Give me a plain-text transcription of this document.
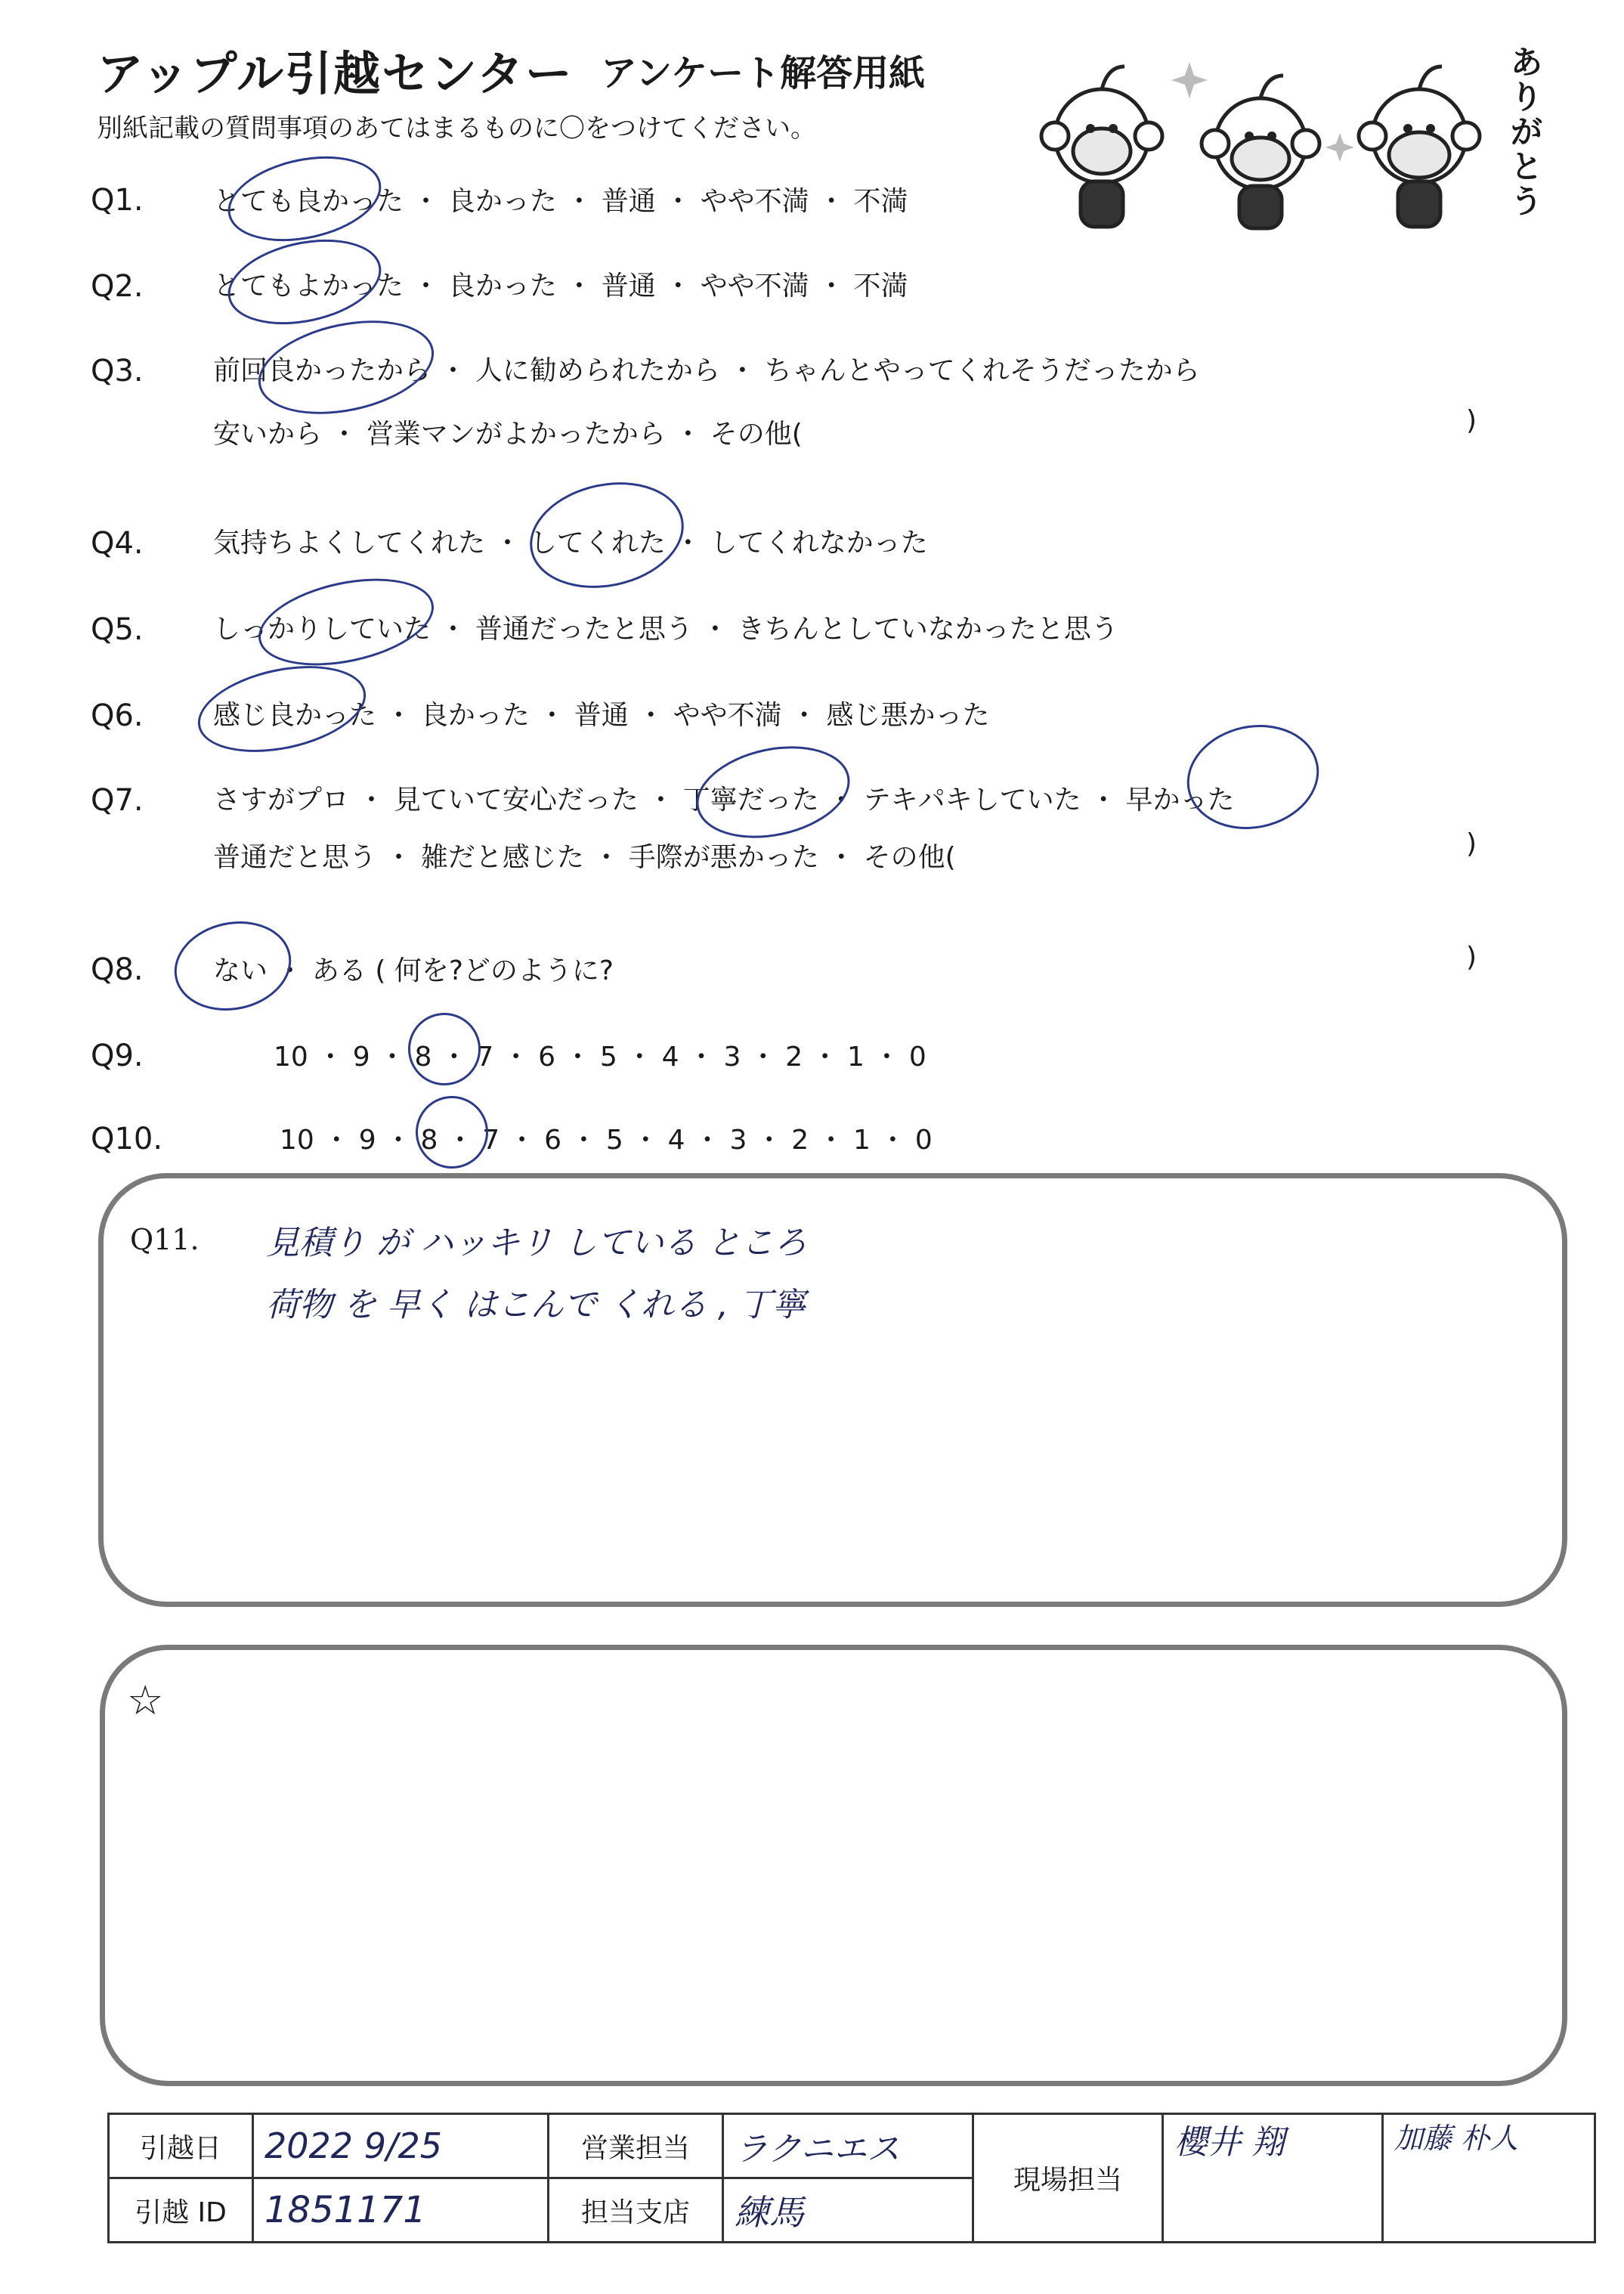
アップル引越センター アンケート解答用紙
別紙記載の質問事項のあてはまるものに〇をつけてください。
ありがとう
Q1.	とても良かった ・ 良かった ・ 普通 ・ やや不満 ・ 不満
Q2.	とてもよかった ・ 良かった ・ 普通 ・ やや不満 ・ 不満
Q3.	前回良かったから ・ 人に勧められたから ・ ちゃんとやってくれそうだったから
安いから ・ 営業マンがよかったから ・ その他(	)
Q4.	気持ちよくしてくれた ・ してくれた ・ してくれなかった
Q5.	しっかりしていた ・ 普通だったと思う ・ きちんとしていなかったと思う
Q6.	感じ良かった ・ 良かった ・ 普通 ・ やや不満 ・ 感じ悪かった
Q7.	さすがプロ ・ 見ていて安心だった ・ 丁寧だった ・ テキパキしていた ・ 早かった
普通だと思う ・ 雑だと感じた ・ 手際が悪かった ・ その他(	)
Q8.	ない ・ ある ( 何を?どのように?	)
Q9.	10 ・ 9 ・ 8 ・ 7 ・ 6 ・ 5 ・ 4 ・ 3 ・ 2 ・ 1 ・ 0
Q10.	10 ・ 9 ・ 8 ・ 7 ・ 6 ・ 5 ・ 4 ・ 3 ・ 2 ・ 1 ・ 0
Q11. 見積り が ハッキリ している ところ
荷物 を 早く はこんで くれる , 丁寧
☆
引越日	2022 9/25	営業担当	ラクニエス	現場担当	櫻井 翔	加藤 朴人
引越 ID	1851171	担当支店	練馬			
